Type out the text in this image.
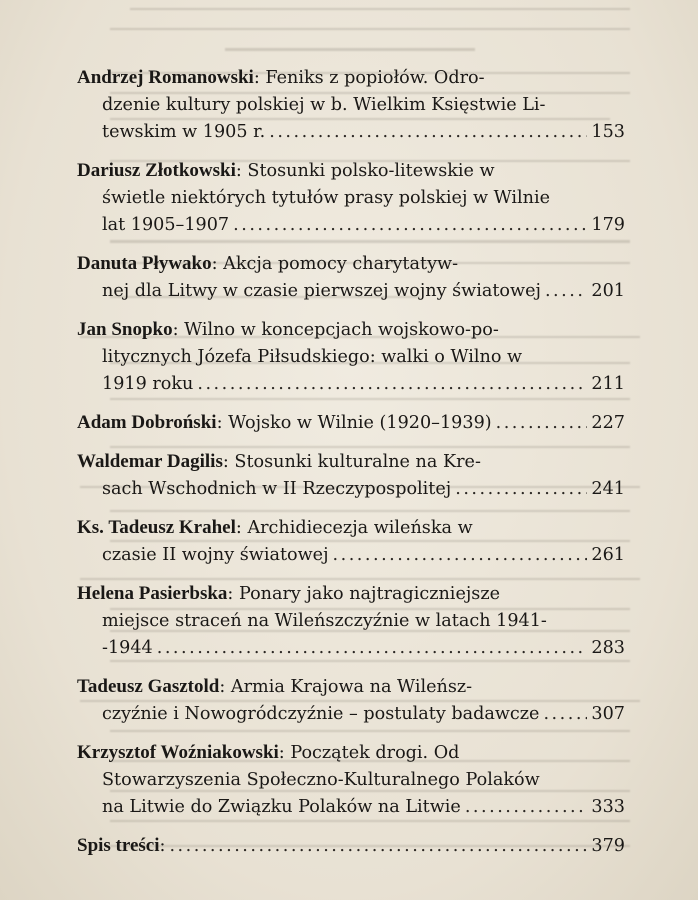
Andrzej Romanowski: Feniks z popiołów. Odro-
dzenie kultury polskiej w b. Wielkim Księstwie Li-
tewskim w 1905 r. .....	153
Dariusz Złotkowski: Stosunki polsko-litewskie w
świetle niektórych tytułów prasy polskiej w Wilnie
lat 1905–1907 .....	179
Danuta Pływako: Akcja pomocy charytatyw-
nej dla Litwy w czasie pierwszej wojny światowej .....	201
Jan Snopko: Wilno w koncepcjach wojskowo-po-
litycznych Józefa Piłsudskiego: walki o Wilno w
1919 roku .....	211
Adam Dobroński: Wojsko w Wilnie (1920–1939) .....	227
Waldemar Dagilis: Stosunki kulturalne na Kre-
sach Wschodnich w II Rzeczypospolitej .....	241
Ks. Tadeusz Krahel: Archidiecezja wileńska w
czasie II wojny światowej .....	261
Helena Pasierbska: Ponary jako najtragiczniejsze
miejsce straceń na Wileńszczyźnie w latach 1941-
-1944 .....	283
Tadeusz Gasztold: Armia Krajowa na Wileńsz-
czyźnie i Nowogródczyźnie – postulaty badawcze .....	307
Krzysztof Woźniakowski: Początek drogi. Od
Stowarzyszenia Społeczno-Kulturalnego Polaków
na Litwie do Związku Polaków na Litwie .....	333
Spis treści: .....	379
